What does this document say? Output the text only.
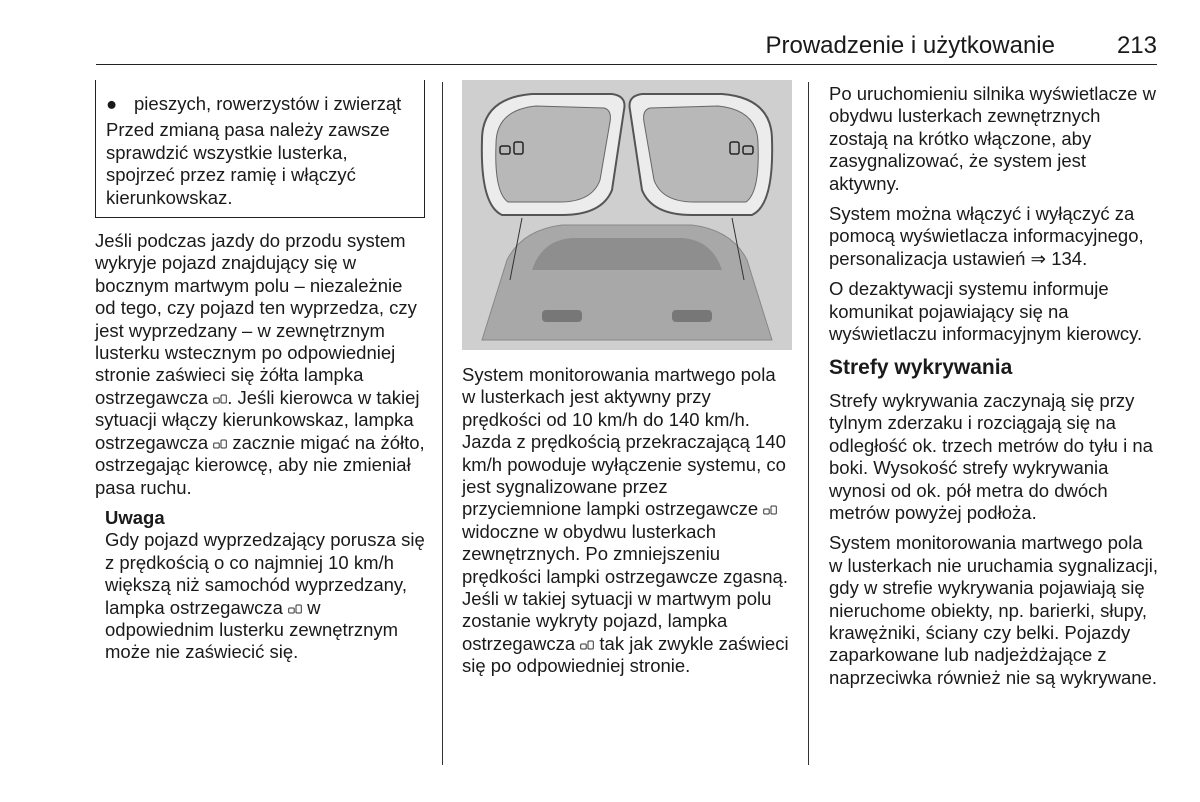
Prowadzenie i użytkowanie	213
● pieszych, rowerzystów i zwierząt
Przed zmianą pasa należy zawsze sprawdzić wszystkie lusterka, spojrzeć przez ramię i włączyć kierunkowskaz.

Jeśli podczas jazdy do przodu system wykryje pojazd znajdujący się w bocznym martwym polu – niezależnie od tego, czy pojazd ten wyprzedza, czy jest wyprzedzany – w zewnętrznym lusterku wstecznym po odpowiedniej stronie zaświeci się żółta lampka ostrzegawcza . Jeśli kierowca w takiej sytuacji włączy kierunkowskaz, lampka ostrzegawcza  zacznie migać na żółto, ostrzegając kierowcę, aby nie zmieniał pasa ruchu.

Uwaga

Gdy pojazd wyprzedzający porusza się z prędkością o co najmniej 10 km/h większą niż samochód wyprzedzany, lampka ostrzegawcza  w odpowiednim lusterku zewnętrznym może nie zaświecić się.

System monitorowania martwego pola w lusterkach jest aktywny przy prędkości od 10 km/h do 140 km/h. Jazda z prędkością przekraczającą 140 km/h powoduje wyłączenie systemu, co jest sygnalizowane przez przyciemnione lampki ostrzegawcze  widoczne w obydwu lusterkach zewnętrznych. Po zmniejszeniu prędkości lampki ostrzegawcze zgasną. Jeśli w takiej sytuacji w martwym polu zostanie wykryty pojazd, lampka ostrzegawcza  tak jak zwykle zaświeci się po odpowiedniej stronie.

Po uruchomieniu silnika wyświetlacze w obydwu lusterkach zewnętrznych zostają na krótko włączone, aby zasygnalizować, że system jest aktywny.

System można włączyć i wyłączyć za pomocą wyświetlacza informacyjnego, personalizacja ustawień ⇒ 134.

O dezaktywacji systemu informuje komunikat pojawiający się na wyświetlaczu informacyjnym kierowcy.

Strefy wykrywania

Strefy wykrywania zaczynają się przy tylnym zderzaku i rozciągają się na odległość ok. trzech metrów do tyłu i na boki. Wysokość strefy wykrywania wynosi od ok. pół metra do dwóch metrów powyżej podłoża.

System monitorowania martwego pola w lusterkach nie uruchamia sygnalizacji, gdy w strefie wykrywania pojawiają się nieruchome obiekty, np. barierki, słupy, krawężniki, ściany czy belki. Pojazdy zaparkowane lub nadjeżdżające z naprzeciwka również nie są wykrywane.
